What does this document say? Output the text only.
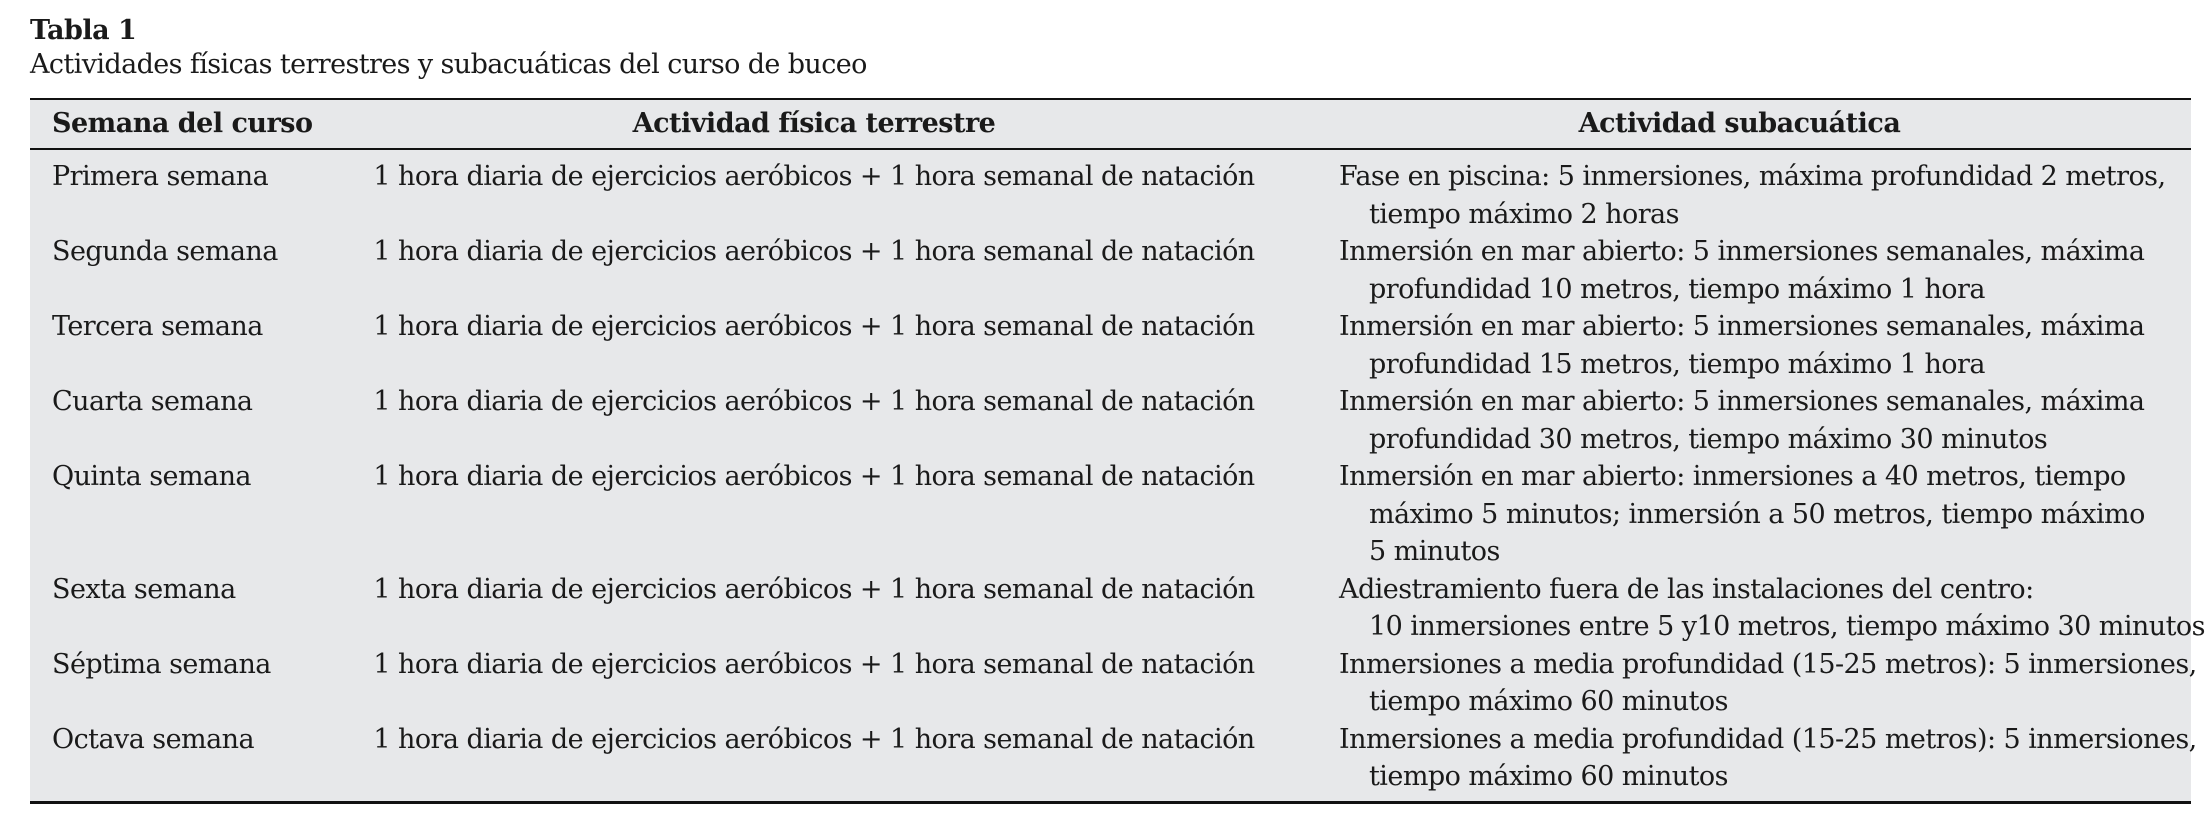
Tabla 1
Actividades físicas terrestres y subacuáticas del curso de buceo
Semana del curso	Actividad física terrestre	Actividad subacuática
Primera semana	1 hora diaria de ejercicios aeróbicos + 1 hora semanal de natación	Fase en piscina: 5 inmersiones, máxima profundidad 2 metros,
tiempo máximo 2 horas

Segunda semana	1 hora diaria de ejercicios aeróbicos + 1 hora semanal de natación	Inmersión en mar abierto: 5 inmersiones semanales, máxima
profundidad 10 metros, tiempo máximo 1 hora

Tercera semana	1 hora diaria de ejercicios aeróbicos + 1 hora semanal de natación	Inmersión en mar abierto: 5 inmersiones semanales, máxima
profundidad 15 metros, tiempo máximo 1 hora

Cuarta semana	1 hora diaria de ejercicios aeróbicos + 1 hora semanal de natación	Inmersión en mar abierto: 5 inmersiones semanales, máxima
profundidad 30 metros, tiempo máximo 30 minutos

Quinta semana	1 hora diaria de ejercicios aeróbicos + 1 hora semanal de natación	Inmersión en mar abierto: inmersiones a 40 metros, tiempo
máximo 5 minutos; inmersión a 50 metros, tiempo máximo
5 minutos

Sexta semana	1 hora diaria de ejercicios aeróbicos + 1 hora semanal de natación	Adiestramiento fuera de las instalaciones del centro:
10 inmersiones entre 5 y10 metros, tiempo máximo 30 minutos

Séptima semana	1 hora diaria de ejercicios aeróbicos + 1 hora semanal de natación	Inmersiones a media profundidad (15-25 metros): 5 inmersiones,
tiempo máximo 60 minutos

Octava semana	1 hora diaria de ejercicios aeróbicos + 1 hora semanal de natación	Inmersiones a media profundidad (15-25 metros): 5 inmersiones,
tiempo máximo 60 minutos
